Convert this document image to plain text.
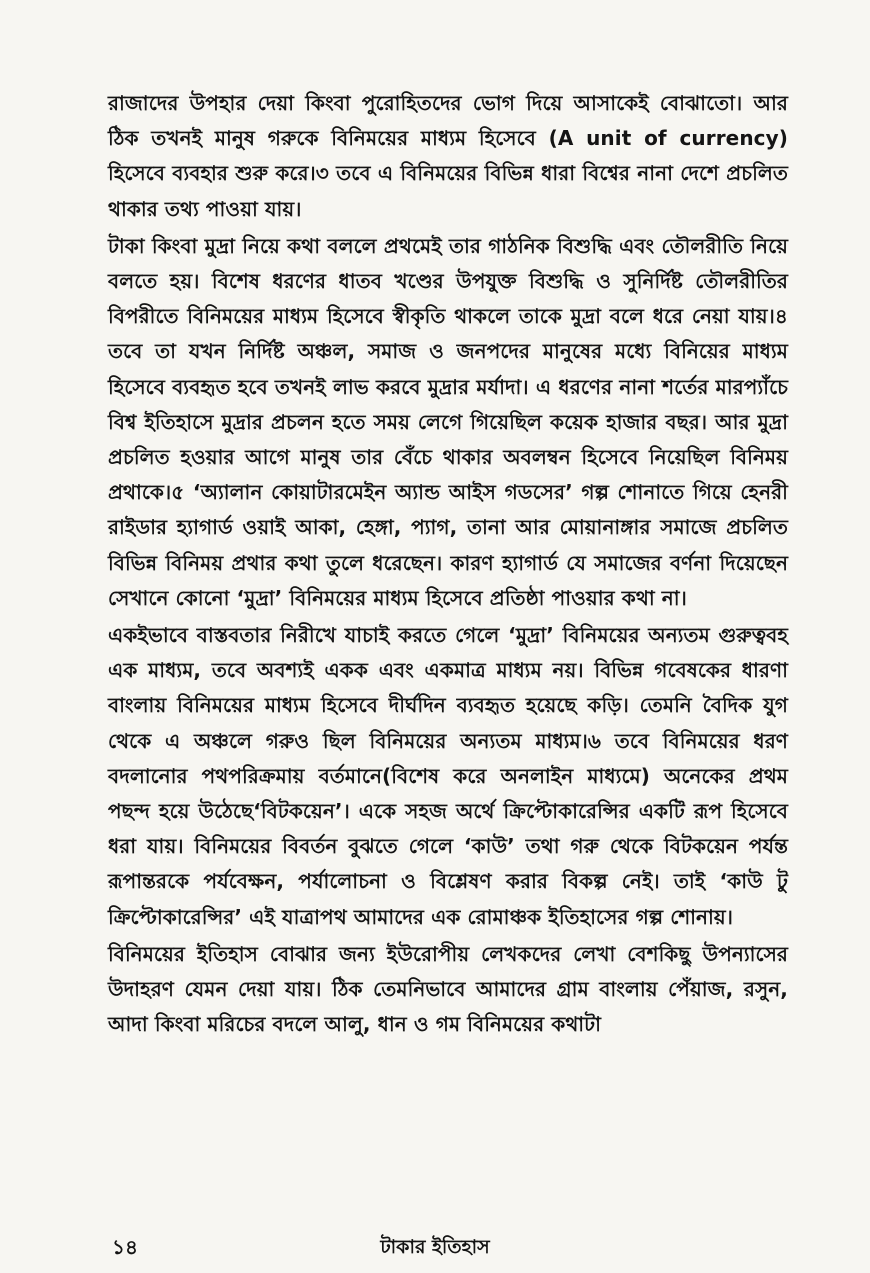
রাজাদের উপহার দেয়া কিংবা পুরোহিতদের ভোগ দিয়ে আসাকেই বোঝাতো। আর ঠিক তখনই মানুষ গরুকে বিনিময়ের মাধ্যম হিসেবে (A unit of currency) হিসেবে ব্যবহার শুরু করে।৩ তবে এ বিনিময়ের বিভিন্ন ধারা বিশ্বের নানা দেশে প্রচলিত থাকার তথ্য পাওয়া যায়।

টাকা কিংবা মুদ্রা নিয়ে কথা বললে প্রথমেই তার গাঠনিক বিশুদ্ধি এবং তৌলরীতি নিয়ে বলতে হয়। বিশেষ ধরণের ধাতব খণ্ডের উপযুক্ত বিশুদ্ধি ও সুনির্দিষ্ট তৌলরীতির বিপরীতে বিনিময়ের মাধ্যম হিসেবে স্বীকৃতি থাকলে তাকে মুদ্রা বলে ধরে নেয়া যায়।৪ তবে তা যখন নির্দিষ্ট অঞ্চল, সমাজ ও জনপদের মানুষের মধ্যে বিনিয়ের মাধ্যম হিসেবে ব্যবহৃত হবে তখনই লাভ করবে মুদ্রার মর্যাদা। এ ধরণের নানা শর্তের মারপ্যাঁচে বিশ্ব ইতিহাসে মুদ্রার প্রচলন হতে সময় লেগে গিয়েছিল কয়েক হাজার বছর। আর মুদ্রা প্রচলিত হওয়ার আগে মানুষ তার বেঁচে থাকার অবলম্বন হিসেবে নিয়েছিল বিনিময় প্রথাকে।৫ ‘অ্যালান কোয়াটারমেইন অ্যান্ড আইস গডসের’ গল্প শোনাতে গিয়ে হেনরী রাইডার হ্যাগার্ড ওয়াই আকা, হেঙ্গা, প্যাগ, তানা আর মোয়ানাঙ্গার সমাজে প্রচলিত বিভিন্ন বিনিময় প্রথার কথা তুলে ধরেছেন। কারণ হ্যাগার্ড যে সমাজের বর্ণনা দিয়েছেন সেখানে কোনো ‘মুদ্রা’ বিনিময়ের মাধ্যম হিসেবে প্রতিষ্ঠা পাওয়ার কথা না।

একইভাবে বাস্তবতার নিরীখে যাচাই করতে গেলে ‘মুদ্রা’ বিনিময়ের অন্যতম গুরুত্ববহ এক মাধ্যম, তবে অবশ্যই একক এবং একমাত্র মাধ্যম নয়। বিভিন্ন গবেষকের ধারণা বাংলায় বিনিময়ের মাধ্যম হিসেবে দীর্ঘদিন ব্যবহৃত হয়েছে কড়ি। তেমনি বৈদিক যুগ থেকে এ অঞ্চলে গরুও ছিল বিনিময়ের অন্যতম মাধ্যম।৬ তবে বিনিময়ের ধরণ বদলানোর পথপরিক্রমায় বর্তমানে(বিশেষ করে অনলাইন মাধ্যমে) অনেকের প্রথম পছন্দ হয়ে উঠেছে‘বিটকয়েন’। একে সহজ অর্থে ক্রিপ্টোকারেন্সির একটি রূপ হিসেবে ধরা যায়। বিনিময়ের বিবর্তন বুঝতে গেলে ‘কাউ’ তথা গরু থেকে বিটকয়েন পর্যন্ত রূপান্তরকে পর্যবেক্ষন, পর্যালোচনা ও বিশ্লেষণ করার বিকল্প নেই। তাই ‘কাউ টু ক্রিপ্টোকারেন্সির’ এই যাত্রাপথ আমাদের এক রোমাঞ্চক ইতিহাসের গল্প শোনায়।

বিনিময়ের ইতিহাস বোঝার জন্য ইউরোপীয় লেখকদের লেখা বেশকিছু উপন্যাসের উদাহরণ যেমন দেয়া যায়। ঠিক তেমনিভাবে আমাদের গ্রাম বাংলায় পেঁয়াজ, রসুন, আদা কিংবা মরিচের বদলে আলু, ধান ও গম বিনিময়ের কথাটা

১৪	টাকার ইতিহাস
